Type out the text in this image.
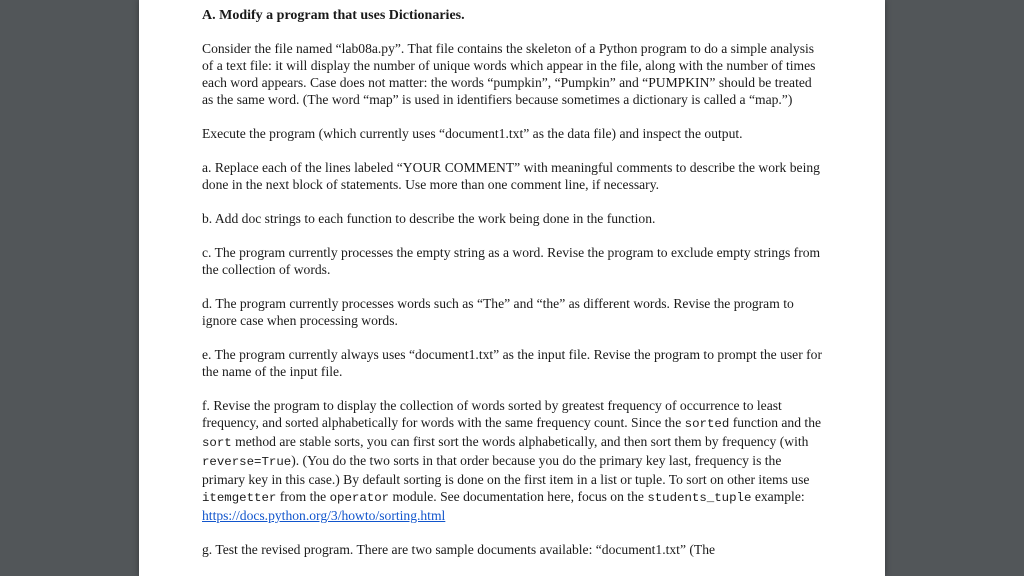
A. Modify a program that uses Dictionaries.

Consider the file named “lab08a.py”. That file contains the skeleton of a Python program to do a simple analysis of a text file: it will display the number of unique words which appear in the file, along with the number of times each word appears. Case does not matter: the words “pumpkin”, “Pumpkin” and “PUMPKIN” should be treated as the same word. (The word “map” is used in identifiers because sometimes a dictionary is called a “map.”)

Execute the program (which currently uses “document1.txt” as the data file) and inspect the output.

a. Replace each of the lines labeled “YOUR COMMENT” with meaningful comments to describe the work being done in the next block of statements. Use more than one comment line, if necessary.

b. Add doc strings to each function to describe the work being done in the function.

c. The program currently processes the empty string as a word. Revise the program to exclude empty strings from the collection of words.

d. The program currently processes words such as “The” and “the” as different words. Revise the program to ignore case when processing words.

e. The program currently always uses “document1.txt” as the input file. Revise the program to prompt the user for the name of the input file.

f. Revise the program to display the collection of words sorted by greatest frequency of occurrence to least frequency, and sorted alphabetically for words with the same frequency count. Since the sorted function and the sort method are stable sorts, you can first sort the words alphabetically, and then sort them by frequency (with reverse=True). (You do the two sorts in that order because you do the primary key last, frequency is the primary key in this case.) By default sorting is done on the first item in a list or tuple. To sort on other items use itemgetter from the operator module. See documentation here, focus on the students_tuple example:
https://docs.python.org/3/howto/sorting.html

g. Test the revised program. There are two sample documents available: “document1.txt” (The
